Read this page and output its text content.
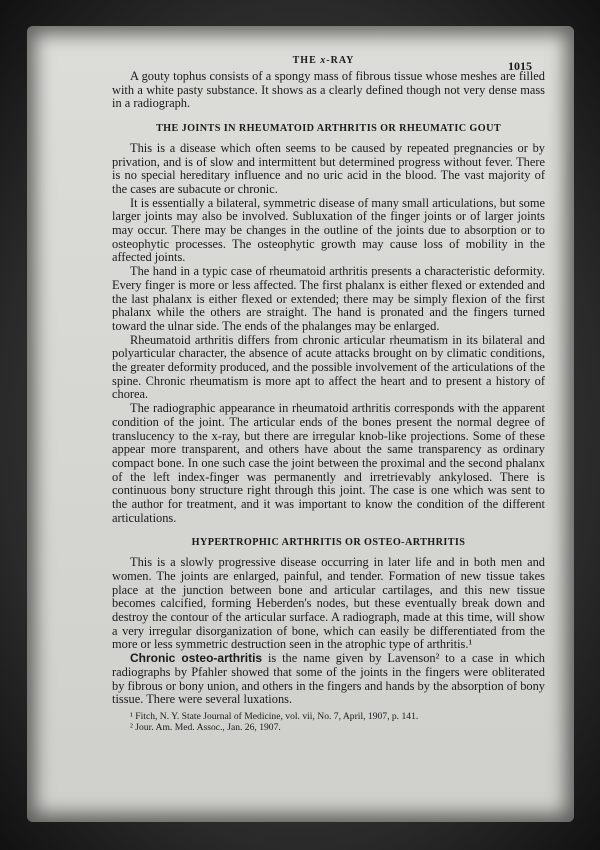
THE x-RAY	1015

A gouty tophus consists of a spongy mass of fibrous tissue whose meshes are filled with a white pasty substance. It shows as a clearly defined though not very dense mass in a radiograph.

THE JOINTS IN RHEUMATOID ARTHRITIS OR RHEUMATIC GOUT

This is a disease which often seems to be caused by repeated pregnancies or by privation, and is of slow and intermittent but determined progress without fever. There is no special hereditary influence and no uric acid in the blood. The vast majority of the cases are subacute or chronic.

It is essentially a bilateral, symmetric disease of many small articulations, but some larger joints may also be involved. Subluxation of the finger joints or of larger joints may occur. There may be changes in the outline of the joints due to absorption or to osteophytic processes. The osteophytic growth may cause loss of mobility in the affected joints.

The hand in a typic case of rheumatoid arthritis presents a characteristic deformity. Every finger is more or less affected. The first phalanx is either flexed or extended and the last phalanx is either flexed or extended; there may be simply flexion of the first phalanx while the others are straight. The hand is pronated and the fingers turned toward the ulnar side. The ends of the phalanges may be enlarged.

Rheumatoid arthritis differs from chronic articular rheumatism in its bilateral and polyarticular character, the absence of acute attacks brought on by climatic conditions, the greater deformity produced, and the possible involvement of the articulations of the spine. Chronic rheumatism is more apt to affect the heart and to present a history of chorea.

The radiographic appearance in rheumatoid arthritis corresponds with the apparent condition of the joint. The articular ends of the bones present the normal degree of translucency to the x-ray, but there are irregular knob-like projections. Some of these appear more transparent, and others have about the same transparency as ordinary compact bone. In one such case the joint between the proximal and the second phalanx of the left index-finger was permanently and irretrievably ankylosed. There is continuous bony structure right through this joint. The case is one which was sent to the author for treatment, and it was important to know the condition of the different articulations.

HYPERTROPHIC ARTHRITIS OR OSTEO-ARTHRITIS

This is a slowly progressive disease occurring in later life and in both men and women. The joints are enlarged, painful, and tender. Formation of new tissue takes place at the junction between bone and articular cartilages, and this new tissue becomes calcified, forming Heberden's nodes, but these eventually break down and destroy the contour of the articular surface. A radiograph, made at this time, will show a very irregular disorganization of bone, which can easily be differentiated from the more or less symmetric destruction seen in the atrophic type of arthritis.¹

Chronic osteo-arthritis is the name given by Lavenson² to a case in which radiographs by Pfahler showed that some of the joints in the fingers were obliterated by fibrous or bony union, and others in the fingers and hands by the absorption of bony tissue. There were several luxations.

¹ Fitch, N. Y. State Journal of Medicine, vol. vii, No. 7, April, 1907, p. 141.
² Jour. Am. Med. Assoc., Jan. 26, 1907.
